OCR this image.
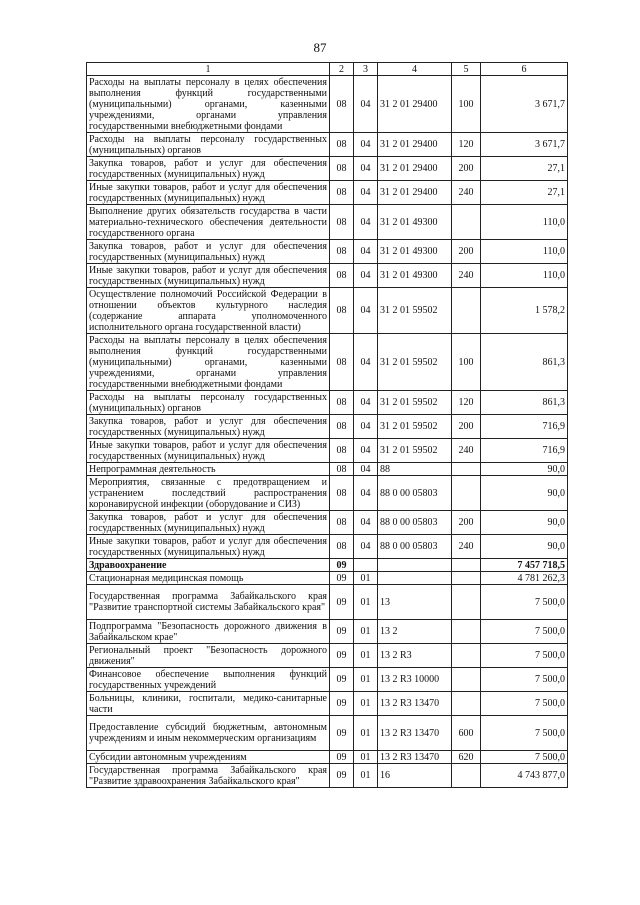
87
1	2	3	4	5	6
Расходы на выплаты персоналу в целях обеспечения выполнения функций государственными (муниципальными) органами, казенными учреждениями, органами управления государственными внебюджетными фондами	08	04	31 2 01 29400	100	3 671,7
Расходы на выплаты персоналу государственных (муниципальных) органов	08	04	31 2 01 29400	120	3 671,7
Закупка товаров, работ и услуг для обеспечения государственных (муниципальных) нужд	08	04	31 2 01 29400	200	27,1
Иные закупки товаров, работ и услуг для обеспечения государственных (муниципальных) нужд	08	04	31 2 01 29400	240	27,1
Выполнение других обязательств государства в части материально-технического обеспечения деятельности государственного органа	08	04	31 2 01 49300		110,0
Закупка товаров, работ и услуг для обеспечения государственных (муниципальных) нужд	08	04	31 2 01 49300	200	110,0
Иные закупки товаров, работ и услуг для обеспечения государственных (муниципальных) нужд	08	04	31 2 01 49300	240	110,0
Осуществление полномочий Российской Федерации в отношении объектов культурного наследия (содержание аппарата уполномоченного исполнительного органа государственной власти)	08	04	31 2 01 59502		1 578,2
Расходы на выплаты персоналу в целях обеспечения выполнения функций государственными (муниципальными) органами, казенными учреждениями, органами управления государственными внебюджетными фондами	08	04	31 2 01 59502	100	861,3
Расходы на выплаты персоналу государственных (муниципальных) органов	08	04	31 2 01 59502	120	861,3
Закупка товаров, работ и услуг для обеспечения государственных (муниципальных) нужд	08	04	31 2 01 59502	200	716,9
Иные закупки товаров, работ и услуг для обеспечения государственных (муниципальных) нужд	08	04	31 2 01 59502	240	716,9
Непрограммная деятельность	08	04	88		90,0
Мероприятия, связанные с предотвращением и устранением последствий распространения коронавирусной инфекции (оборудование и СИЗ)	08	04	88 0 00 05803		90,0
Закупка товаров, работ и услуг для обеспечения государственных (муниципальных) нужд	08	04	88 0 00 05803	200	90,0
Иные закупки товаров, работ и услуг для обеспечения государственных (муниципальных) нужд	08	04	88 0 00 05803	240	90,0
Здравоохранение	09				7 457 718,5
Стационарная медицинская помощь	09	01			4 781 262,3
Государственная программа Забайкальского края "Развитие транспортной системы Забайкальского края"	09	01	13		7 500,0
Подпрограмма "Безопасность дорожного движения в Забайкальском крае"	09	01	13 2		7 500,0
Региональный проект "Безопасность дорожного движения"	09	01	13 2 R3		7 500,0
Финансовое обеспечение выполнения функций государственных учреждений	09	01	13 2 R3 10000		7 500,0
Больницы, клиники, госпитали, медико-санитарные части	09	01	13 2 R3 13470		7 500,0
Предоставление субсидий бюджетным, автономным учреждениям и иным некоммерческим организациям	09	01	13 2 R3 13470	600	7 500,0
Субсидии автономным учреждениям	09	01	13 2 R3 13470	620	7 500,0
Государственная программа Забайкальского края "Развитие здравоохранения Забайкальского края"	09	01	16		4 743 877,0
